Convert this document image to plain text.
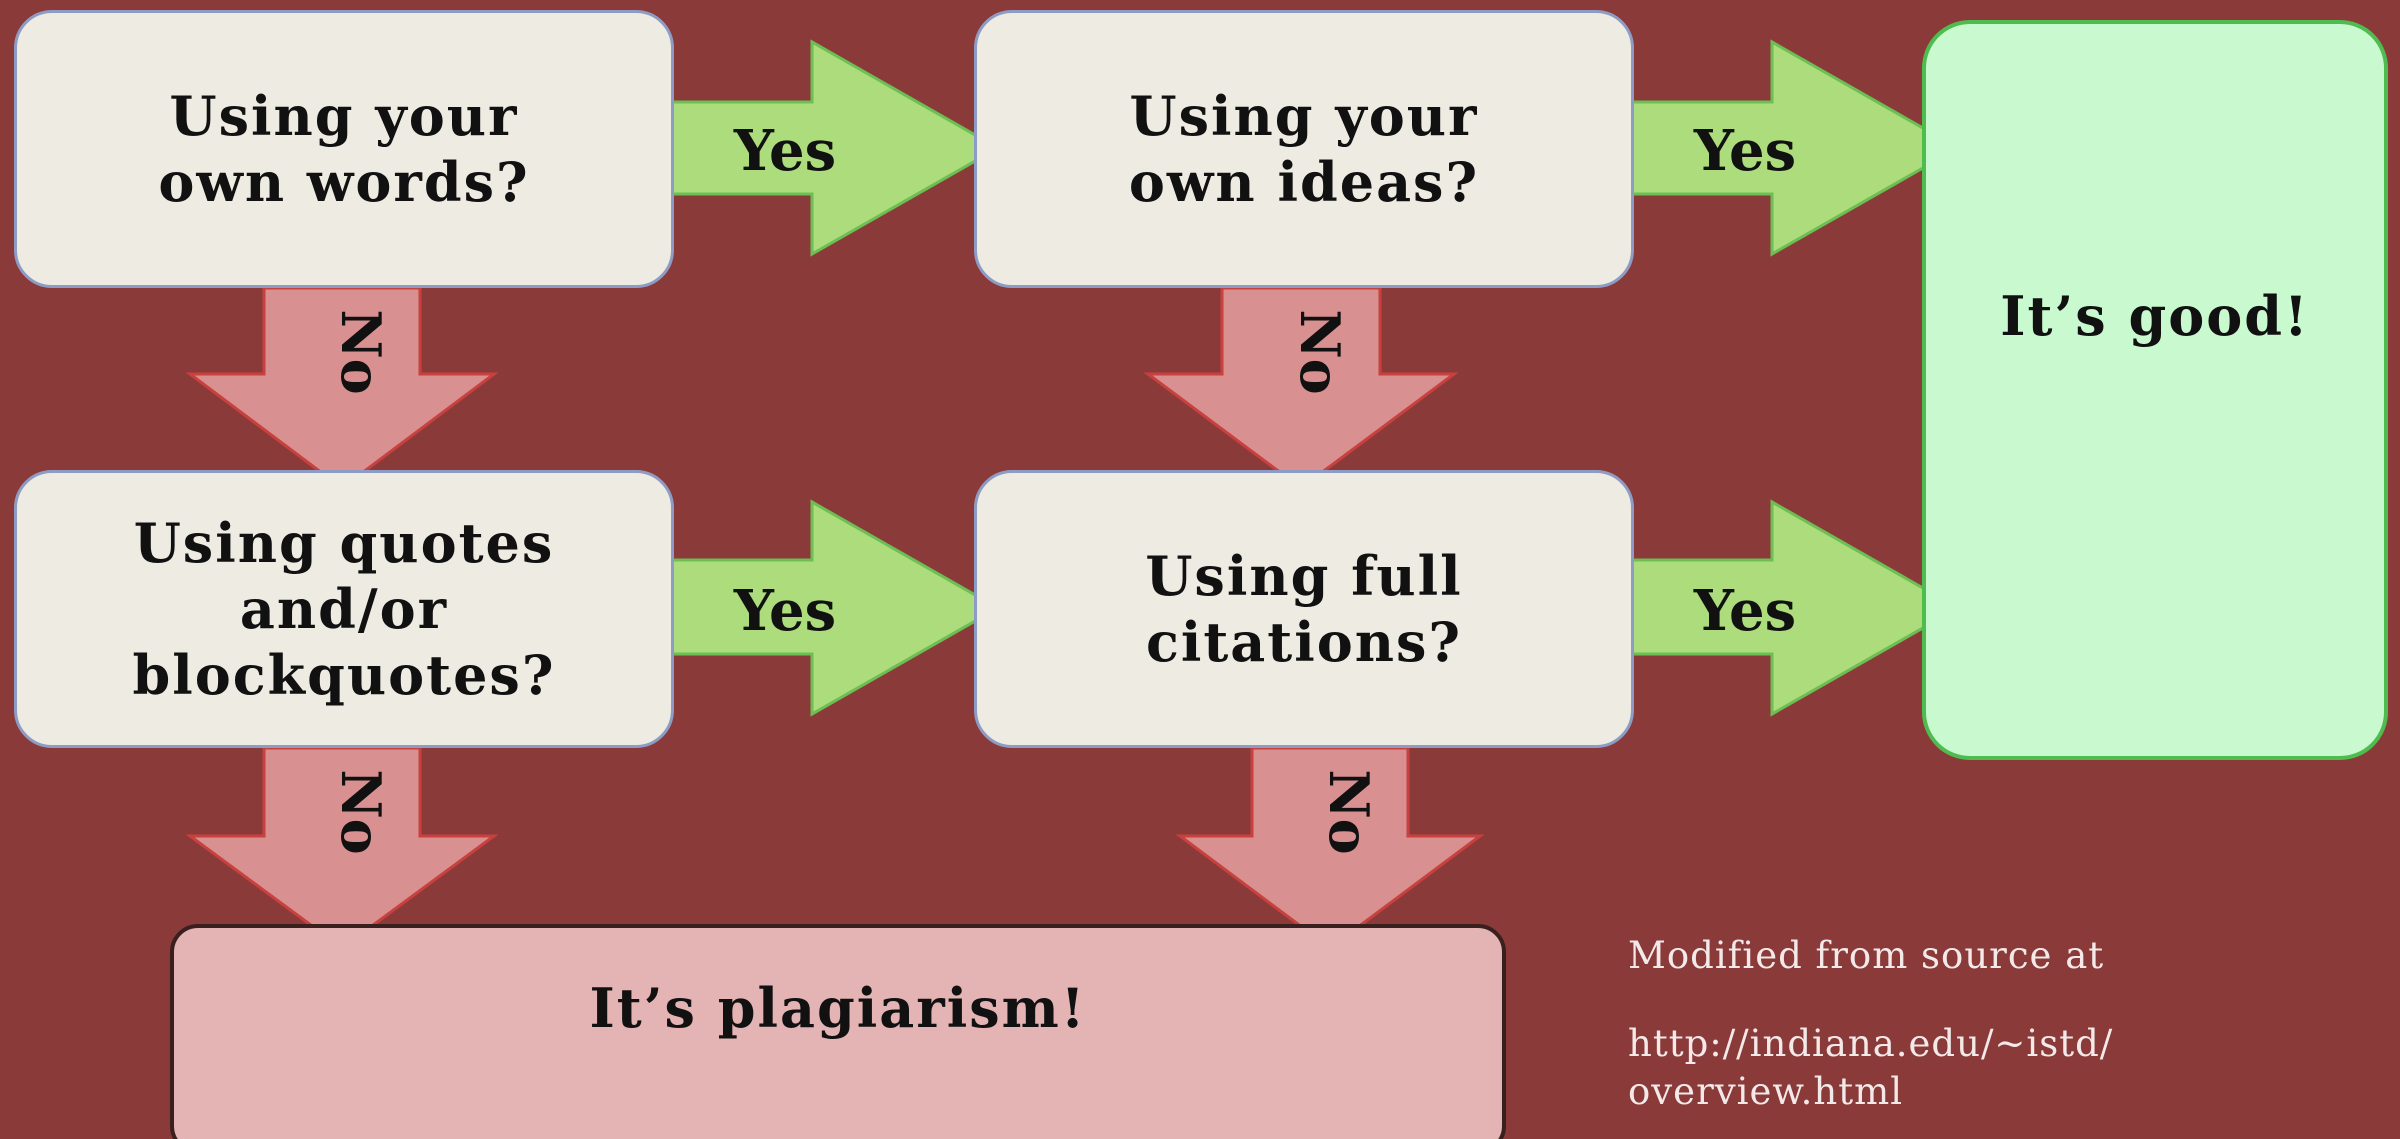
Yes	Yes
Yes	Yes
No	No
No	No
Using your
own words?
Using your
own ideas?
Using quotes
and/or
blockquotes?
Using full
citations?
It’s good!
It’s plagiarism!
Modified from source at
http://indiana.edu/~istd/
overview.html
